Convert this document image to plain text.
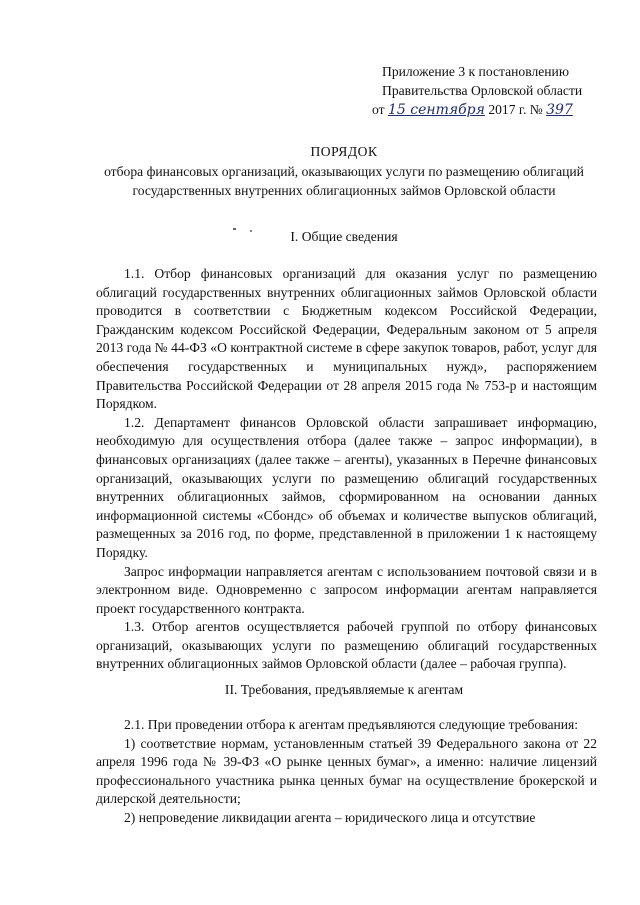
Приложение 3 к постановлению
Правительства Орловской области
от 15 сентября 2017 г. № 397
ПОРЯДОК
отбора финансовых организаций, оказывающих услуги по размещению облигаций государственных внутренних облигационных займов Орловской области
I. Общие сведения

1.1. Отбор финансовых организаций для оказания услуг по размещению облигаций государственных внутренних облигационных займов Орловской области проводится в соответствии с Бюджетным кодексом Российской Федерации, Гражданским кодексом Российской Федерации, Федеральным законом от 5 апреля 2013 года № 44-ФЗ «О контрактной системе в сфере закупок товаров, работ, услуг для обеспечения государственных и муниципальных нужд», распоряжением Правительства Российской Федерации от 28 апреля 2015 года № 753-р и настоящим Порядком.

1.2. Департамент финансов Орловской области запрашивает информацию, необходимую для осуществления отбора (далее также – запрос информации), в финансовых организациях (далее также – агенты), указанных в Перечне финансовых организаций, оказывающих услуги по размещению облигаций государственных внутренних облигационных займов, сформированном на основании данных информационной системы «Сбондс» об объемах и количестве выпусков облигаций, размещенных за 2016 год, по форме, представленной в приложении 1 к настоящему Порядку.

Запрос информации направляется агентам с использованием почтовой связи и в электронном виде. Одновременно с запросом информации агентам направляется проект государственного контракта.

1.3. Отбор агентов осуществляется рабочей группой по отбору финансовых организаций, оказывающих услуги по размещению облигаций государственных внутренних облигационных займов Орловской области (далее – рабочая группа).

II. Требования, предъявляемые к агентам

2.1. При проведении отбора к агентам предъявляются следующие требования:

1) соответствие нормам, установленным статьей 39 Федерального закона от 22 апреля 1996 года № 39-ФЗ «О рынке ценных бумаг», а именно: наличие лицензий профессионального участника рынка ценных бумаг на осуществление брокерской и дилерской деятельности;

2) непроведение ликвидации агента – юридического лица и отсутствие
